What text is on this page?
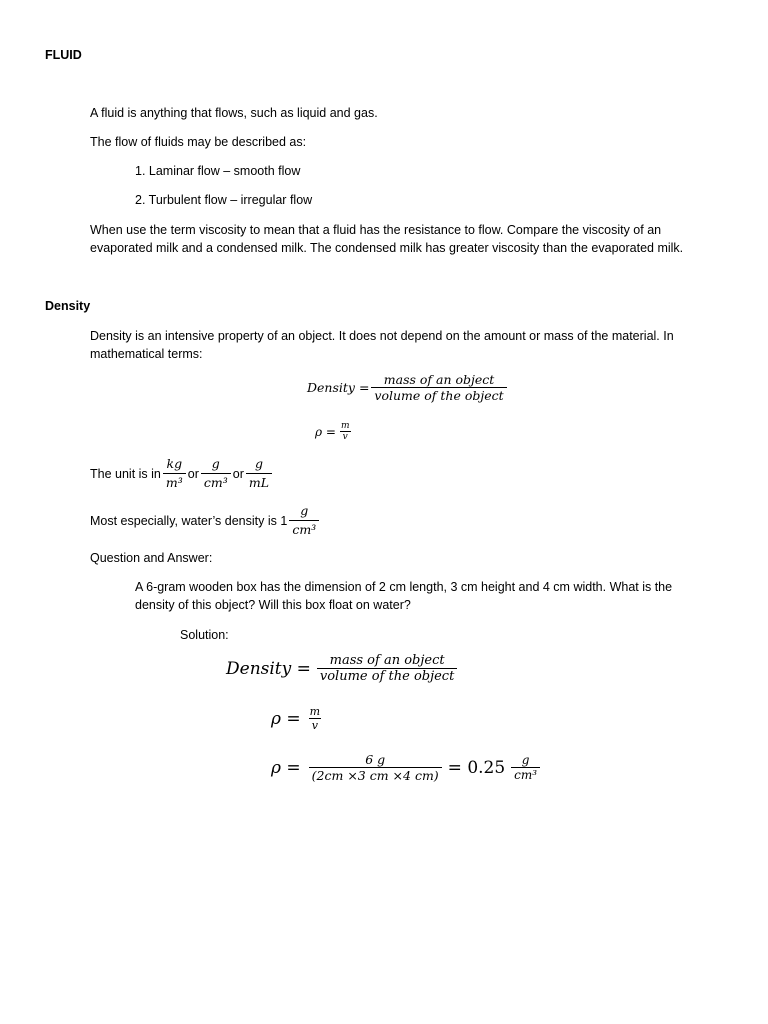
FLUID
A fluid is anything that flows, such as liquid and gas.
The flow of fluids may be described as:
1. Laminar flow – smooth flow
2. Turbulent flow – irregular flow
When use the term viscosity to mean that a fluid has the resistance to flow. Compare the viscosity of an evaporated milk and a condensed milk. The condensed milk has greater viscosity than the evaporated milk.
Density
Density is an intensive property of an object. It does not depend on the amount or mass of the material. In mathematical terms:
Density = $\frac{\text{mass of an object}}{\text{volume of the object}}$
$\rho = \frac{m}{v}$
The unit is in $\frac{kg}{\text{m³}}$ or $\frac{g}{\text{cm³}}$ or $\frac{g}{mL}$
Most especially, water’s density is $1 \frac{g}{\text{cm³}}$
Question and Answer:
A 6-gram wooden box has the dimension of 2 cm length, 3 cm height and 4 cm width. What is the density of this object? Will this box float on water?
Solution:
Density = $\frac{\text{mass of an object}}{\text{volume of the object}}$
$\rho = \frac{m}{v}$
$\rho = \frac{6 g}{(2cm \times 3 cm \times 4 cm)} = 0.25 \frac{g}{\text{cm³}}$
